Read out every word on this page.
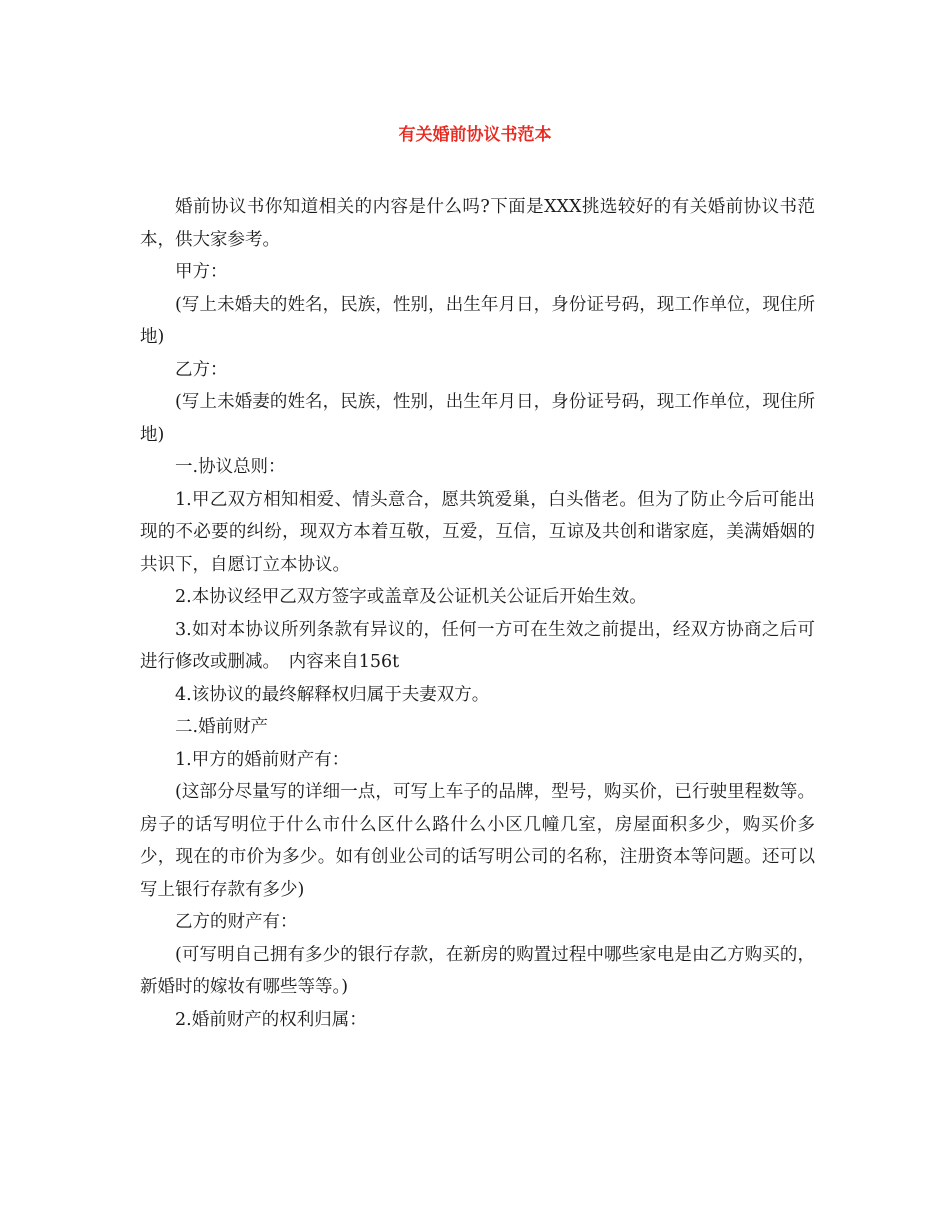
有关婚前协议书范本

婚前协议书你知道相关的内容是什么吗?下面是XXX挑选较好的有关婚前协议书范本，供大家参考。

甲方：

(写上未婚夫的姓名，民族，性别，出生年月日，身份证号码，现工作单位，现住所地)

乙方：

(写上未婚妻的姓名，民族，性别，出生年月日，身份证号码，现工作单位，现住所地)

一.协议总则：

1.甲乙双方相知相爱、情头意合，愿共筑爱巢，白头偕老。但为了防止今后可能出现的不必要的纠纷，现双方本着互敬，互爱，互信，互谅及共创和谐家庭，美满婚姻的共识下，自愿订立本协议。

2.本协议经甲乙双方签字或盖章及公证机关公证后开始生效。

3.如对本协议所列条款有异议的，任何一方可在生效之前提出，经双方协商之后可进行修改或删减。　内容来自156t

4.该协议的最终解释权归属于夫妻双方。

二.婚前财产

1.甲方的婚前财产有：

(这部分尽量写的详细一点，可写上车子的品牌，型号，购买价，已行驶里程数等。房子的话写明位于什么市什么区什么路什么小区几幢几室，房屋面积多少，购买价多少，现在的市价为多少。如有创业公司的话写明公司的名称，注册资本等问题。还可以写上银行存款有多少)

乙方的财产有：

(可写明自己拥有多少的银行存款，在新房的购置过程中哪些家电是由乙方购买的，新婚时的嫁妆有哪些等等。)

2.婚前财产的权利归属：
